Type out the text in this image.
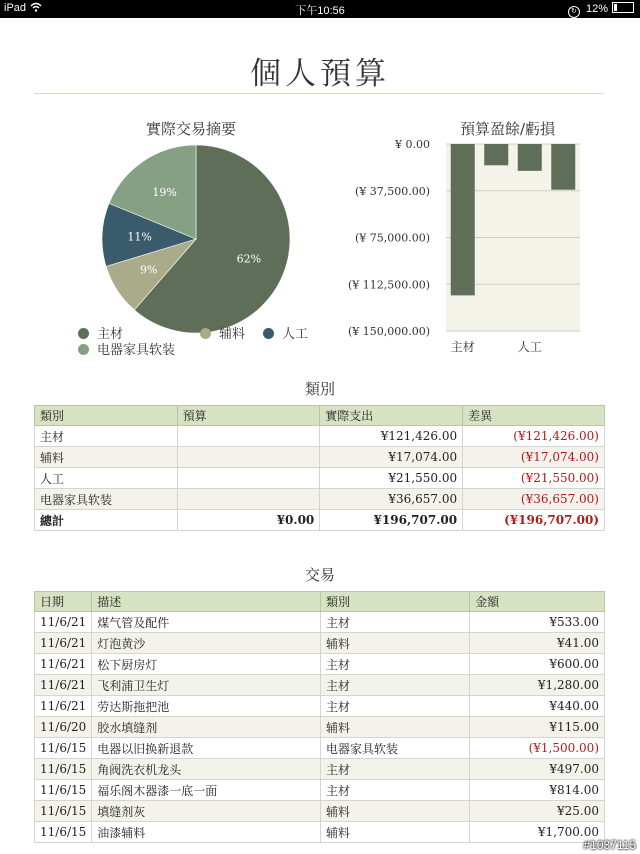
iPad	下午10:56	↻ 12%
個人預算
實際交易摘要
62%
9%
11%
19%
主材	辅料	人工
电器家具软装
預算盈餘/虧損
¥ 0.00
(¥ 37,500.00)
(¥ 75,000.00)
(¥ 112,500.00)
(¥ 150,000.00)
主材	人工
類別
類別	預算	實際支出	差異
主材		¥121,426.00	(¥121,426.00)
辅料		¥17,074.00	(¥17,074.00)
人工		¥21,550.00	(¥21,550.00)
电器家具软装		¥36,657.00	(¥36,657.00)
總計	¥0.00	¥196,707.00	(¥196,707.00)
交易
日期	描述	類別	金額
11/6/21	煤气管及配件	主材	¥533.00
11/6/21	灯泡黄沙	辅料	¥41.00
11/6/21	松下厨房灯	主材	¥600.00
11/6/21	飞利浦卫生灯	主材	¥1,280.00
11/6/21	劳达斯拖把池	主材	¥440.00
11/6/20	胶水填缝剂	辅料	¥115.00
11/6/15	电器以旧换新退款	电器家具软装	(¥1,500.00)
11/6/15	角阀洗衣机龙头	主材	¥497.00
11/6/15	福乐阁木器漆一底一面	主材	¥814.00
11/6/15	填缝剂灰	辅料	¥25.00
11/6/15	油漆辅料	辅料	¥1,700.00
#1037115
